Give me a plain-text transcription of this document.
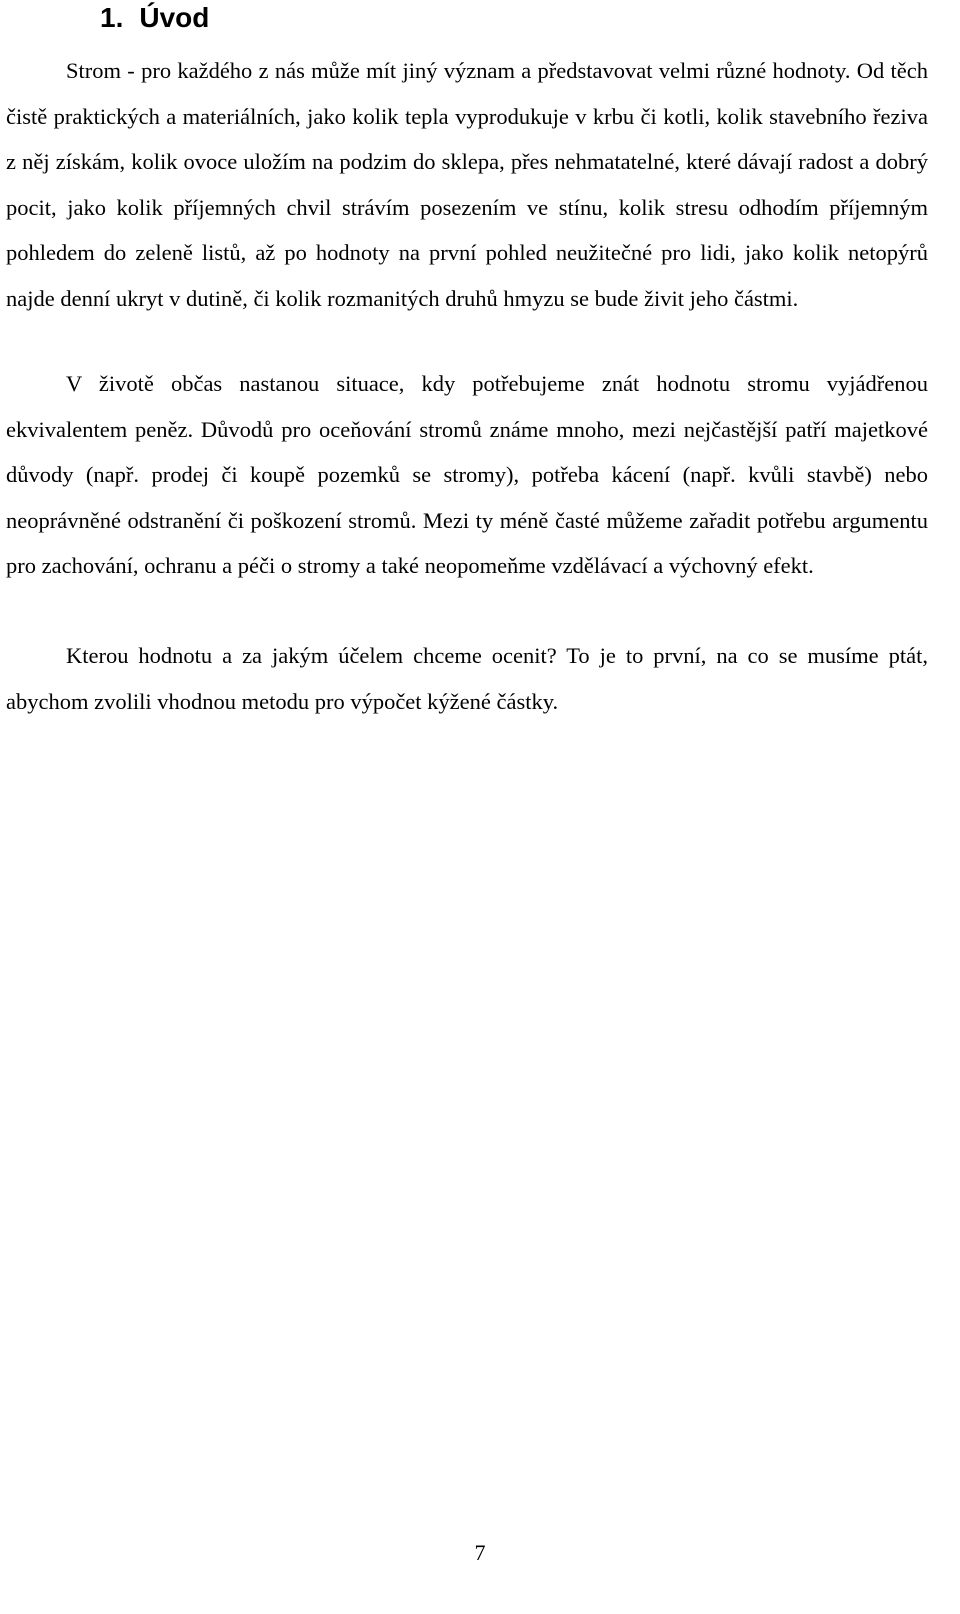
1. Úvod

Strom - pro každého z nás může mít jiný význam a představovat velmi různé hodnoty. Od těch čistě praktických a materiálních, jako kolik tepla vyprodukuje v krbu či kotli, kolik stavebního řeziva z něj získám, kolik ovoce uložím na podzim do sklepa, přes nehmatatelné, které dávají radost a dobrý pocit, jako kolik příjemných chvil strávím posezením ve stínu, kolik stresu odhodím příjemným pohledem do zeleně listů, až po hodnoty na první pohled neužitečné pro lidi, jako kolik netopýrů najde denní ukryt v dutině, či kolik rozmanitých druhů hmyzu se bude živit jeho částmi.

V životě občas nastanou situace, kdy potřebujeme znát hodnotu stromu vyjádřenou ekvivalentem peněz. Důvodů pro oceňování stromů známe mnoho, mezi nejčastější patří majetkové důvody (např. prodej či koupě pozemků se stromy), potřeba kácení (např. kvůli stavbě) nebo neoprávněné odstranění či poškození stromů. Mezi ty méně časté můžeme zařadit potřebu argumentu pro zachování, ochranu a péči o stromy a také neopomeňme vzdělávací a výchovný efekt.

Kterou hodnotu a za jakým účelem chceme ocenit? To je to první, na co se musíme ptát, abychom zvolili vhodnou metodu pro výpočet kýžené částky.

7
